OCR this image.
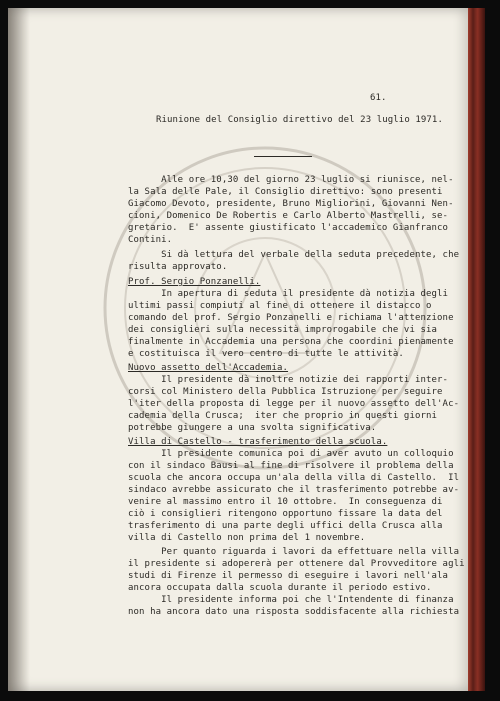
61.
Riunione del Consiglio direttivo del 23 luglio 1971.
Alle ore 10,30 del giorno 23 luglio si riunisce, nel-
la Sala delle Pale, il Consiglio direttivo: sono presenti
Giacomo Devoto, presidente, Bruno Migliorini, Giovanni Nen-
cioni, Domenico De Robertis e Carlo Alberto Mastrelli, se-
gretario.  E' assente giustificato l'accademico Gianfranco
Contini.
Si dà lettura del verbale della seduta precedente, che
risulta approvato.
Prof. Sergio Ponzanelli.
In apertura di seduta il presidente dà notizia degli
ultimi passi compiuti al fine di ottenere il distacco o
comando del prof. Sergio Ponzanelli e richiama l'attenzione
dei consiglieri sulla necessità improrogabile che vi sia
finalmente in Accademia una persona che coordini pienamente
e costituisca il vero centro di tutte le attività.
Nuovo assetto dell'Accademia.
Il presidente dà inoltre notizie dei rapporti inter-
corsi col Ministero della Pubblica Istruzione per seguire
l'iter della proposta di legge per il nuovo assetto dell'Ac-
cademia della Crusca;  iter che proprio in questi giorni
potrebbe giungere a una svolta significativa.
Villa di Castello - trasferimento della scuola.
Il presidente comunica poi di aver avuto un colloquio
con il sindaco Bausi al fine di risolvere il problema della
scuola che ancora occupa un'ala della villa di Castello.  Il
sindaco avrebbe assicurato che il trasferimento potrebbe av-
venire al massimo entro il 10 ottobre.  In conseguenza di
ciò i consiglieri ritengono opportuno fissare la data del
trasferimento di una parte degli uffici della Crusca alla
villa di Castello non prima del 1 novembre.
Per quanto riguarda i lavori da effettuare nella villa
il presidente si adopererà per ottenere dal Provveditore agli
studi di Firenze il permesso di eseguire i lavori nell'ala
ancora occupata dalla scuola durante il periodo estivo.
Il presidente informa poi che l'Intendente di finanza
non ha ancora dato una risposta soddisfacente alla richiesta
